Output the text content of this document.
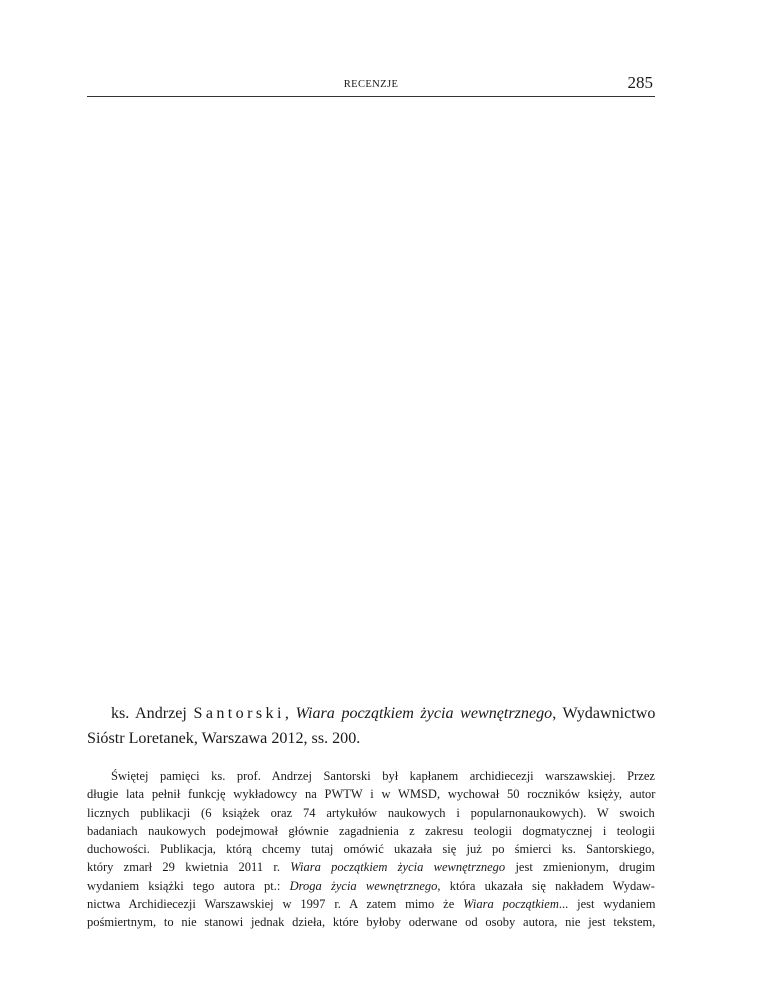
RECENZJE	285
ks. Andrzej Santorski, Wiara początkiem życia wewnętrznego, Wydawnictwo
Sióstr Loretanek, Warszawa 2012, ss. 200.
Świętej pamięci ks. prof. Andrzej Santorski był kapłanem archidiecezji warszawskiej. Przez
długie lata pełnił funkcję wykładowcy na PWTW i w WMSD, wychował 50 roczników księży, autor
licznych publikacji (6 książek oraz 74 artykułów naukowych i popularnonaukowych). W swoich
badaniach naukowych podejmował głównie zagadnienia z zakresu teologii dogmatycznej i teologii
duchowości. Publikacja, którą chcemy tutaj omówić ukazała się już po śmierci ks. Santorskiego,
który zmarł 29 kwietnia 2011 r. Wiara początkiem życia wewnętrznego jest zmienionym, drugim
wydaniem książki tego autora pt.: Droga życia wewnętrznego, która ukazała się nakładem Wydaw-
nictwa Archidiecezji Warszawskiej w 1997 r. A zatem mimo że Wiara początkiem... jest wydaniem
pośmiertnym, to nie stanowi jednak dzieła, które byłoby oderwane od osoby autora, nie jest tekstem,
